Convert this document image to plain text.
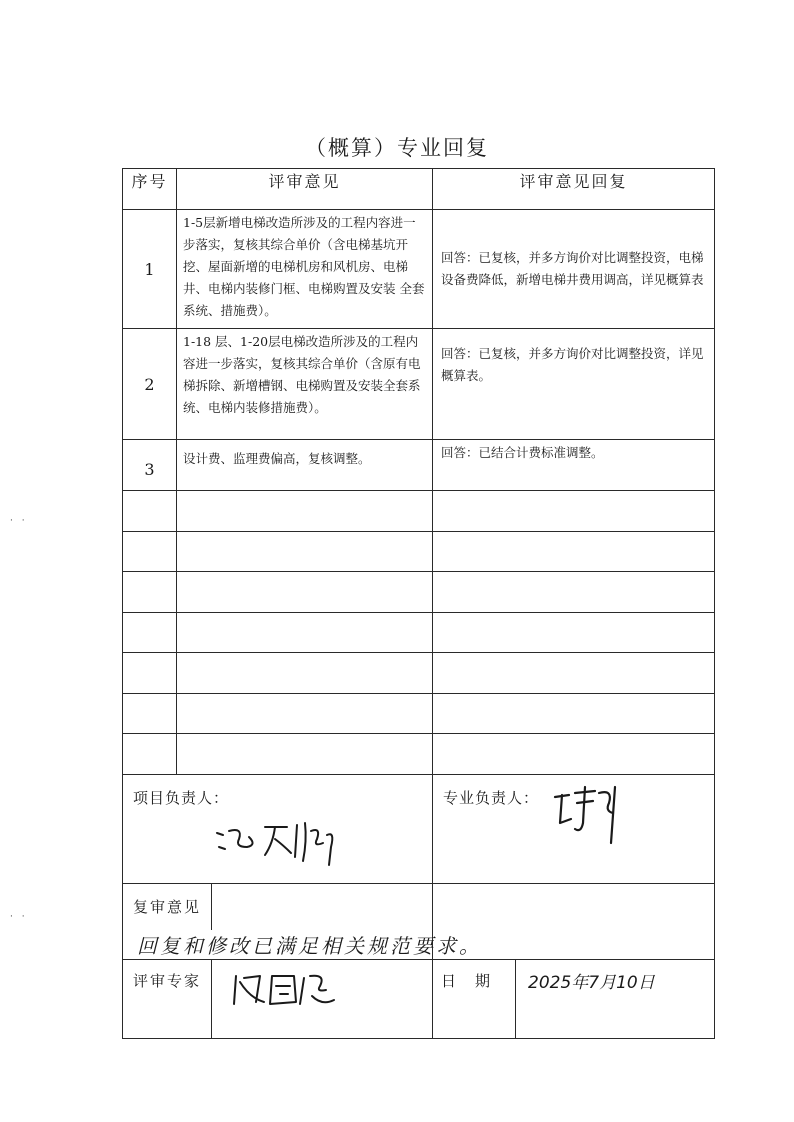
（概算）专业回复
序号	评审意见	评审意见回复
1	1-5层新增电梯改造所涉及的工程内容进一步落实，复核其综合单价（含电梯基坑开挖、屋面新增的电梯机房和风机房、电梯井、电梯内装修门框、电梯购置及安装 全套系统、措施费）。	回答：已复核，并多方询价对比调整投资，电梯设备费降低，新增电梯井费用调高，详见概算表
2	1-18 层、1-20层电梯改造所涉及的工程内容进一步落实，复核其综合单价（含原有电梯拆除、新增槽钢、电梯购置及安装全套系统、电梯内装修措施费）。	回答：已复核，并多方询价对比调整投资，详见概算表。
3	设计费、监理费偏高，复核调整。	回答：已结合计费标准调整。

项目负责人：		专业负责人：

复审意见 回复和修改已满足相关规范要求。		

评审专家		日　期 2025年7月10日
· ·
· ·
